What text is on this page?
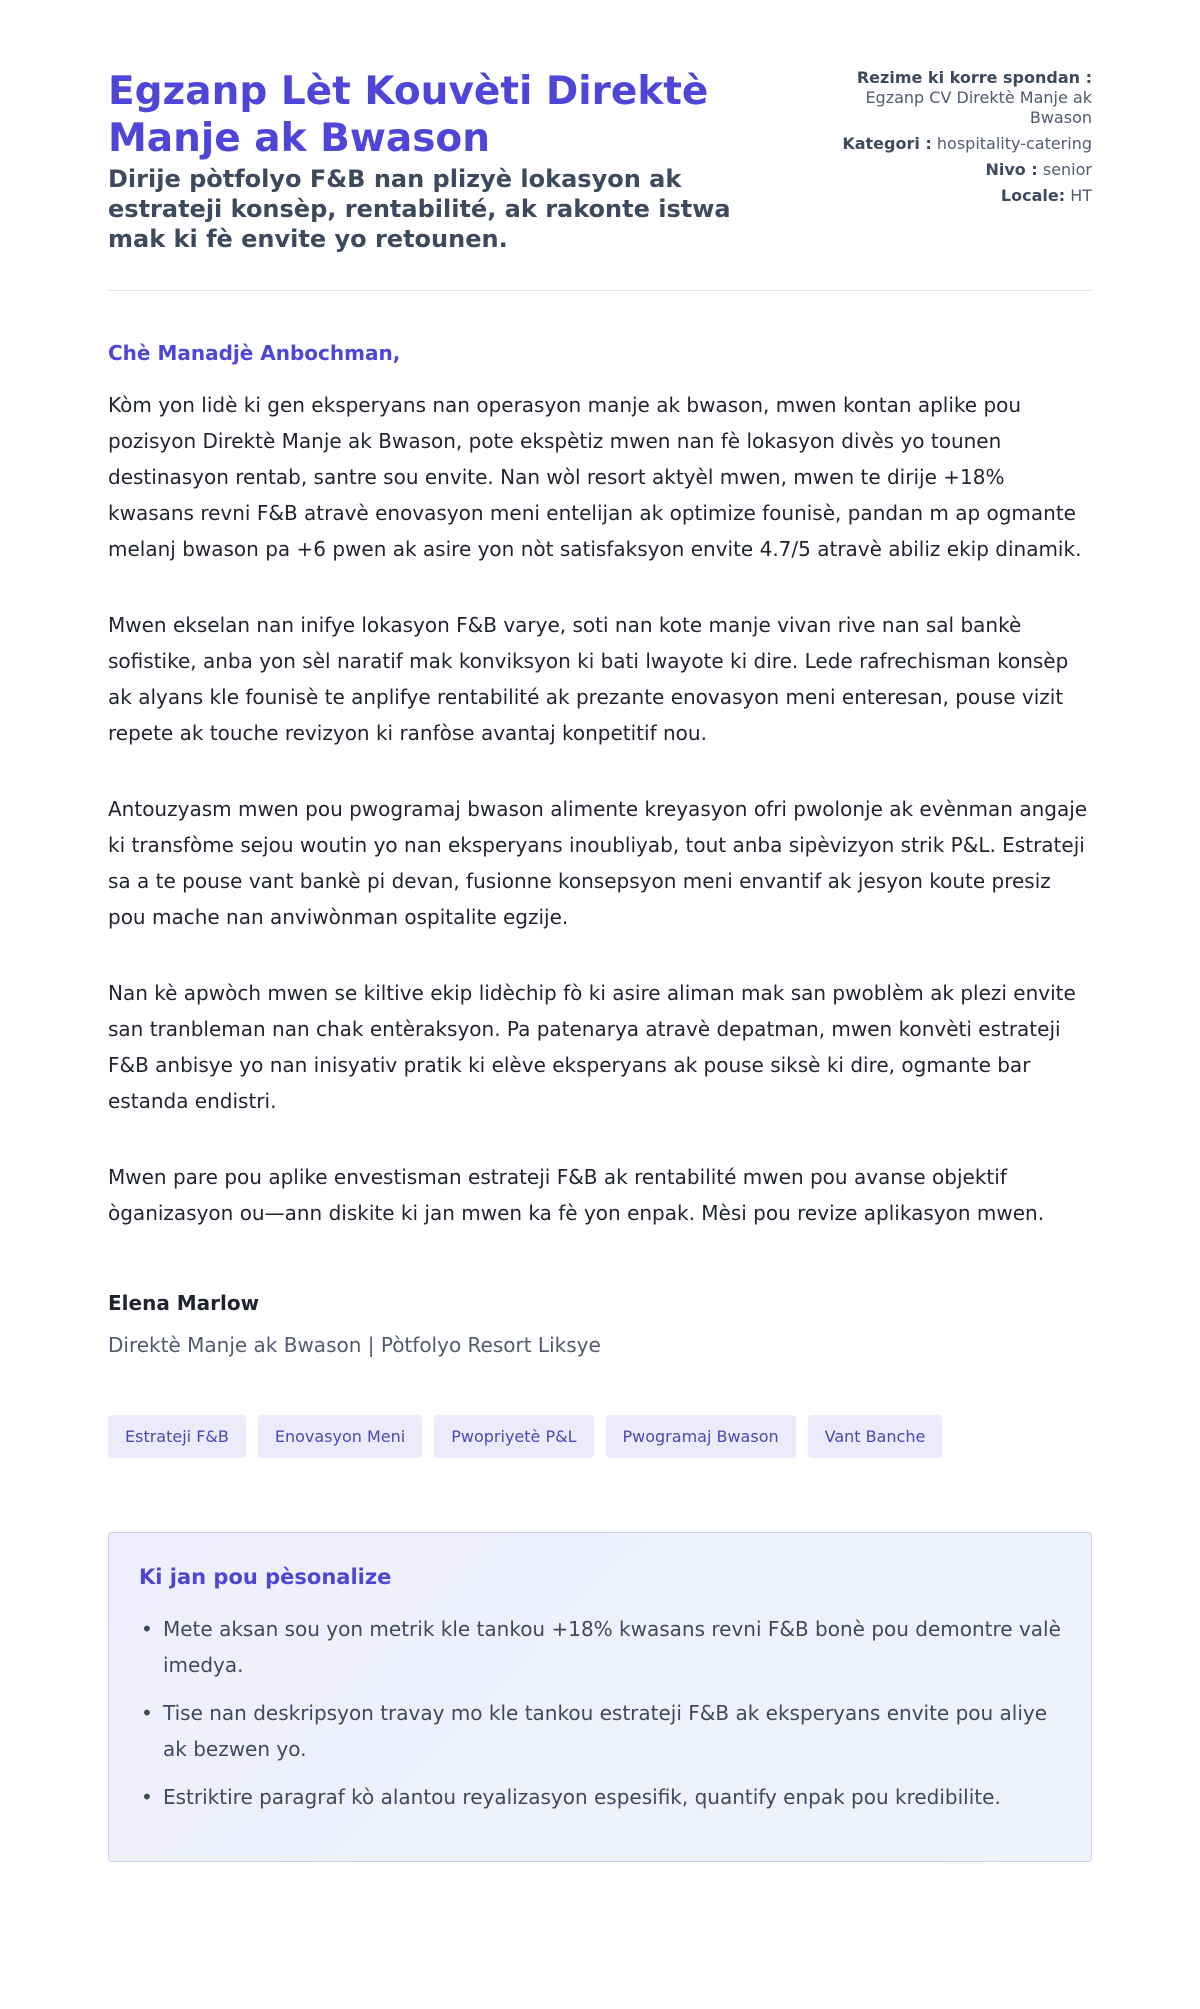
Egzanp Lèt Kouvèti Direktè Manje ak Bwason

Dirije pòtfolyo F&B nan plizyè lokasyon ak estrateji konsèp, rentabilité, ak rakonte istwa mak ki fè envite yo retounen.

Rezime ki korre spondan : Egzanp CV Direktè Manje ak Bwason
Kategori : hospitality-catering
Nivo : senior
Locale: HT

Chè Manadjè Anbochman,

Kòm yon lidè ki gen eksperyans nan operasyon manje ak bwason, mwen kontan aplike pou pozisyon Direktè Manje ak Bwason, pote ekspètiz mwen nan fè lokasyon divès yo tounen destinasyon rentab, santre sou envite. Nan wòl resort aktyèl mwen, mwen te dirije +18% kwasans revni F&B atravè enovasyon meni entelijan ak optimize founisè, pandan m ap ogmante melanj bwason pa +6 pwen ak asire yon nòt satisfaksyon envite 4.7/5 atravè abiliz ekip dinamik.

Mwen ekselan nan inifye lokasyon F&B varye, soti nan kote manje vivan rive nan sal bankè sofistike, anba yon sèl naratif mak konviksyon ki bati lwayote ki dire. Lede rafrechisman konsèp ak alyans kle founisè te anplifye rentabilité ak prezante enovasyon meni enteresan, pouse vizit repete ak touche revizyon ki ranfòse avantaj konpetitif nou.

Antouzyasm mwen pou pwogramaj bwason alimente kreyasyon ofri pwolonje ak evènman angaje ki transfòme sejou woutin yo nan eksperyans inoubliyab, tout anba sipèvizyon strik P&L. Estrateji sa a te pouse vant bankè pi devan, fusionne konsepsyon meni envantif ak jesyon koute presiz pou mache nan anviwònman ospitalite egzije.

Nan kè apwòch mwen se kiltive ekip lidèchip fò ki asire aliman mak san pwoblèm ak plezi envite san tranbleman nan chak entèraksyon. Pa patenarya atravè depatman, mwen konvèti estrateji F&B anbisye yo nan inisyativ pratik ki elève eksperyans ak pouse siksè ki dire, ogmante bar estanda endistri.

Mwen pare pou aplike envestisman estrateji F&B ak rentabilité mwen pou avanse objektif òganizasyon ou—ann diskite ki jan mwen ka fè yon enpak. Mèsi pou revize aplikasyon mwen.

Elena Marlow

Direktè Manje ak Bwason | Pòtfolyo Resort Liksye

Estrateji F&B	Enovasyon Meni	Pwopriyetè P&L	Pwogramaj Bwason	Vant Banche
Ki jan pou pèsonalize
• Mete aksan sou yon metrik kle tankou +18% kwasans revni F&B bonè pou demontre valè imedya.
• Tise nan deskripsyon travay mo kle tankou estrateji F&B ak eksperyans envite pou aliye ak bezwen yo.
• Estriktire paragraf kò alantou reyalizasyon espesifik, quantify enpak pou kredibilite.
